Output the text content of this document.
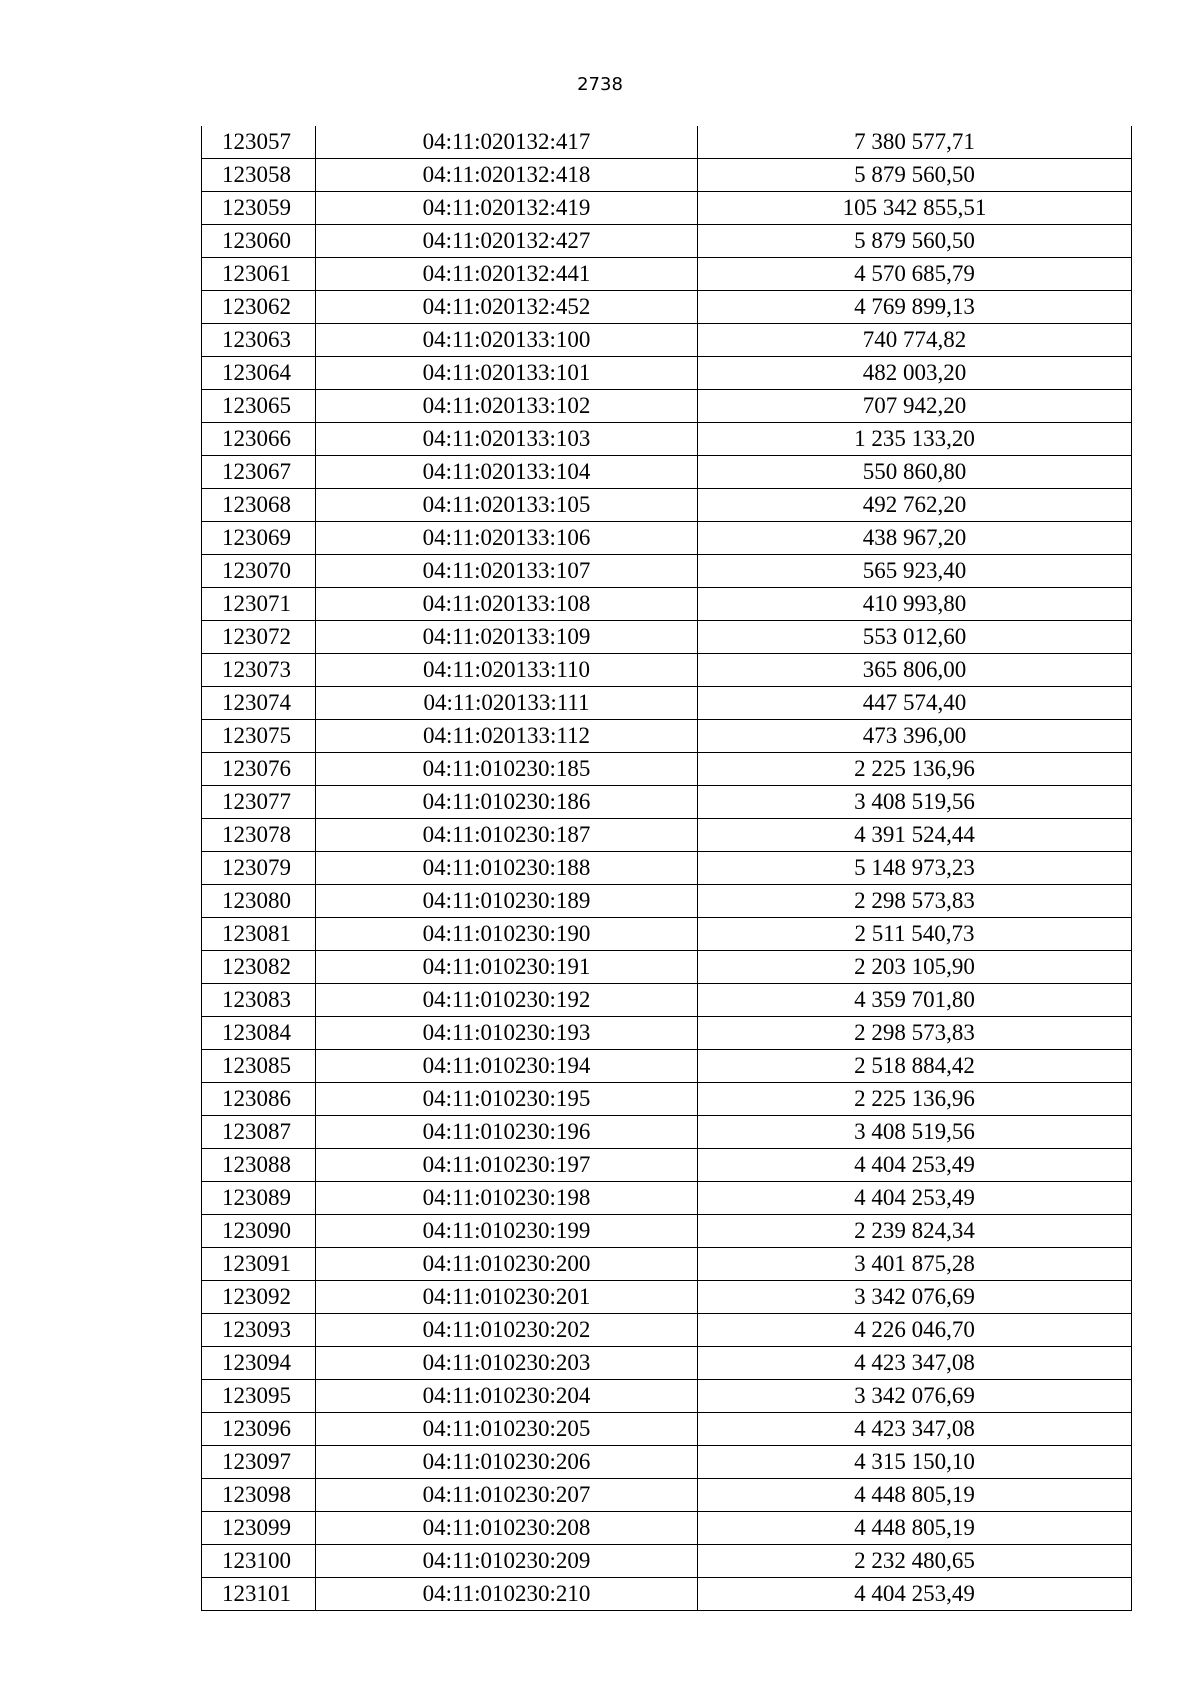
2738
123057	04:11:020132:417	7 380 577,71
123058	04:11:020132:418	5 879 560,50
123059	04:11:020132:419	105 342 855,51
123060	04:11:020132:427	5 879 560,50
123061	04:11:020132:441	4 570 685,79
123062	04:11:020132:452	4 769 899,13
123063	04:11:020133:100	740 774,82
123064	04:11:020133:101	482 003,20
123065	04:11:020133:102	707 942,20
123066	04:11:020133:103	1 235 133,20
123067	04:11:020133:104	550 860,80
123068	04:11:020133:105	492 762,20
123069	04:11:020133:106	438 967,20
123070	04:11:020133:107	565 923,40
123071	04:11:020133:108	410 993,80
123072	04:11:020133:109	553 012,60
123073	04:11:020133:110	365 806,00
123074	04:11:020133:111	447 574,40
123075	04:11:020133:112	473 396,00
123076	04:11:010230:185	2 225 136,96
123077	04:11:010230:186	3 408 519,56
123078	04:11:010230:187	4 391 524,44
123079	04:11:010230:188	5 148 973,23
123080	04:11:010230:189	2 298 573,83
123081	04:11:010230:190	2 511 540,73
123082	04:11:010230:191	2 203 105,90
123083	04:11:010230:192	4 359 701,80
123084	04:11:010230:193	2 298 573,83
123085	04:11:010230:194	2 518 884,42
123086	04:11:010230:195	2 225 136,96
123087	04:11:010230:196	3 408 519,56
123088	04:11:010230:197	4 404 253,49
123089	04:11:010230:198	4 404 253,49
123090	04:11:010230:199	2 239 824,34
123091	04:11:010230:200	3 401 875,28
123092	04:11:010230:201	3 342 076,69
123093	04:11:010230:202	4 226 046,70
123094	04:11:010230:203	4 423 347,08
123095	04:11:010230:204	3 342 076,69
123096	04:11:010230:205	4 423 347,08
123097	04:11:010230:206	4 315 150,10
123098	04:11:010230:207	4 448 805,19
123099	04:11:010230:208	4 448 805,19
123100	04:11:010230:209	2 232 480,65
123101	04:11:010230:210	4 404 253,49
